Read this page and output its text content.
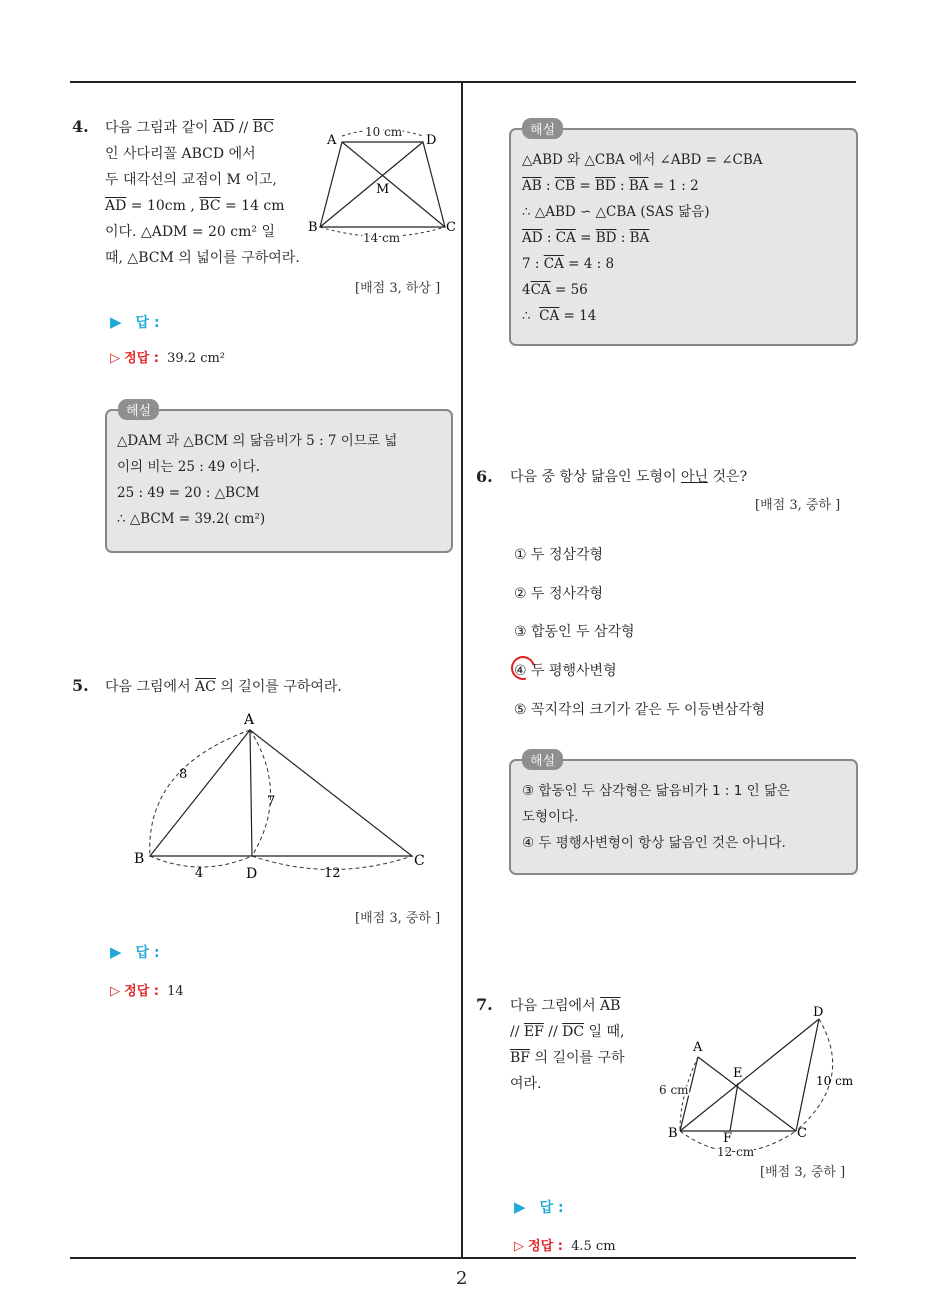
4. 다음 그림과 같이 $\overline{AD} // \overline{BC}$
인 사다리꼴 ABCD 에서
두 대각선의 교점이 M 이고,
$\overline{AD} = 10cm$ , $\overline{BC} = 14$ cm
이다. △ADM = 20 cm² 일
때, △BCM 의 넓이를 구하여라.
A	D
B	C
M
10 cm
14 cm
[배점 3, 하상 ]
▶ 답 :
▷ 정답 : 39.2 cm²
해설
△DAM 과 △BCM 의 닮음비가 5 : 7 이므로 넓
이의 비는 25 : 49 이다.
25 : 49 = 20 : △BCM
∴ △BCM = 39.2( cm²)
5. 다음 그림에서 $\overline{AC}$ 의 길이를 구하여라.
A
B	C
D
8
7
4	12
[배점 3, 중하 ]
▶ 답 :
▷ 정답 : 14
해설
△ABD 와 △CBA 에서 ∠ABD = ∠CBA
$\overline{AB}$ : $\overline{CB} = \overline{BD}$ : $\overline{BA} = 1$ : 2
∴ △ABD ∽ △CBA (SAS 닮음)
$\overline{AD}$ : $\overline{CA} = \overline{BD}$ : $\overline{BA}$
7 : $\overline{CA} = 4$ : 8
$4\overline{CA} = 56$
∴  $\overline{CA} = 14$
6. 다음 중 항상 닮음인 도형이 아닌 것은?
[배점 3, 중하 ]
① 두 정삼각형
② 두 정사각형
③ 합동인 두 삼각형
④ 두 평행사변형
⑤ 꼭지각의 크기가 같은 두 이등변삼각형
해설
③ 합동인 두 삼각형은 닮음비가 1 : 1 인 닮은
도형이다.
④ 두 평행사변형이 항상 닮음인 것은 아니다.
7. 다음 그림에서 $\overline{AB}$
// $\overline{EF} // \overline{DC}$ 일 때,
$\overline{BF}$ 의 길이를 구하
여라.
A
D
E
B	F	C
6 cm
10 cm
12 cm
[배점 3, 중하 ]
▶ 답 :
▷ 정답 : 4.5 cm
2
